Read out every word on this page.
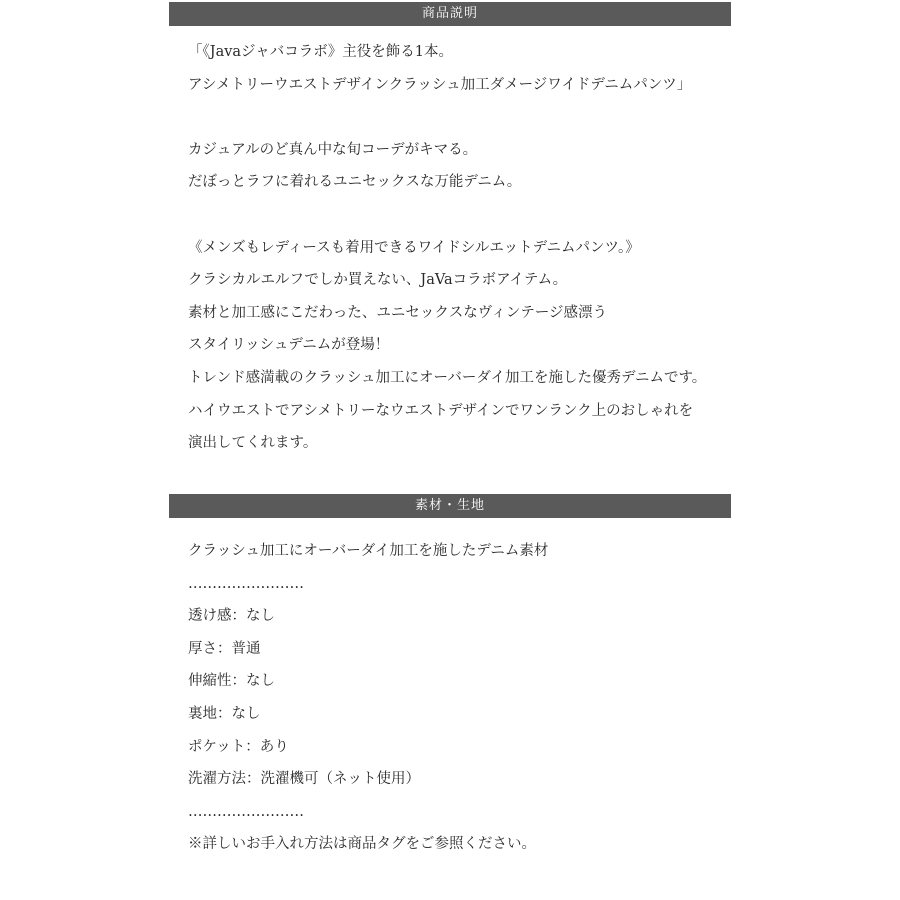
商品説明
「《Javaジャバコラボ》主役を飾る1本。
アシメトリーウエストデザインクラッシュ加工ダメージワイドデニムパンツ」
カジュアルのど真ん中な旬コーデがキマる。
だぼっとラフに着れるユニセックスな万能デニム。
《メンズもレディースも着用できるワイドシルエットデニムパンツ。》
クラシカルエルフでしか買えない、JaVaコラボアイテム。
素材と加工感にこだわった、ユニセックスなヴィンテージ感漂う
スタイリッシュデニムが登場！
トレンド感満載のクラッシュ加工にオーバーダイ加工を施した優秀デニムです。
ハイウエストでアシメトリーなウエストデザインでワンランク上のおしゃれを
演出してくれます。
素材・生地
クラッシュ加工にオーバーダイ加工を施したデニム素材
……………………
透け感：なし
厚さ：普通
伸縮性：なし
裏地：なし
ポケット：あり
洗濯方法：洗濯機可（ネット使用）
……………………
※詳しいお手入れ方法は商品タグをご参照ください。
